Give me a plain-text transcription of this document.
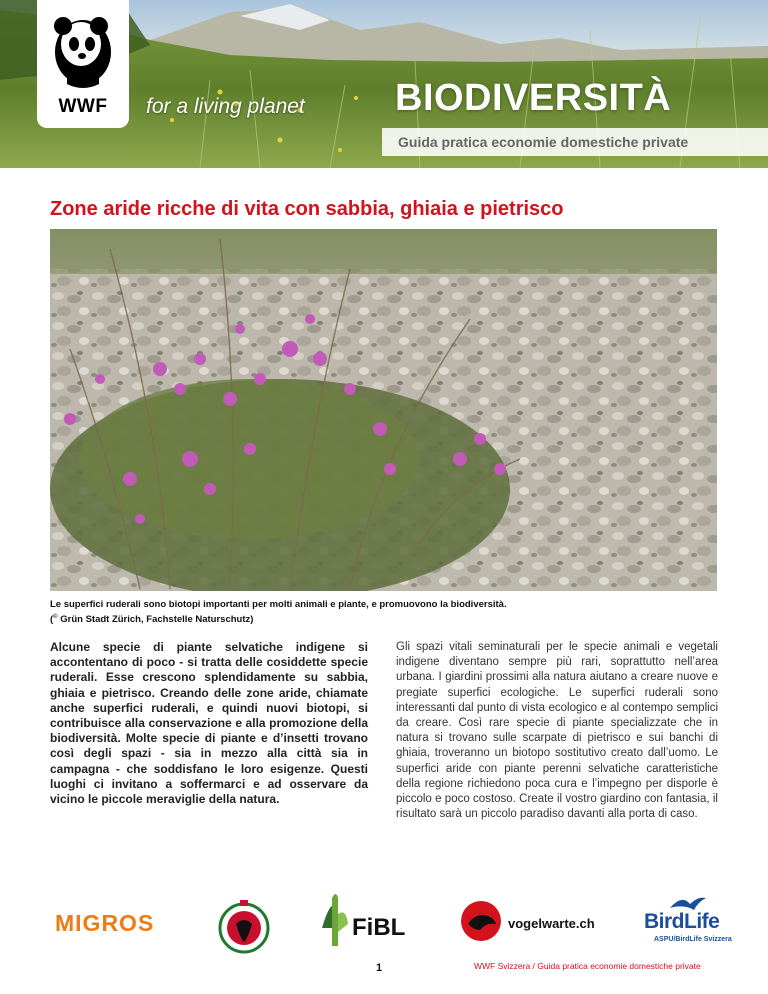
WWF	for a living planet BIODIVERSITÀ
Guida pratica economie domestiche private
Zone aride ricche di vita con sabbia, ghiaia e pietrisco
Le superfici ruderali sono biotopi importanti per molti animali e piante, e promuovono la biodiversità.
(© Grün Stadt Zürich, Fachstelle Naturschutz)
Alcune specie di piante selvatiche indigene si accontentano di poco - si tratta delle cosiddette specie ruderali. Esse crescono splendidamente su sabbia, ghiaia e pietrisco. Creando delle zone aride, chiamate anche superfici ruderali, e quindi nuovi biotopi, si contribuisce alla conservazione e alla promozione della biodiversità. Molte specie di piante e d’insetti trovano così degli spazi - sia in mezzo alla città sia in campagna - che soddisfano le loro esigenze. Questi luoghi ci invitano a soffermarci e ad osservare da vicino le piccole meraviglie della natura.
Gli spazi vitali seminaturali per le specie animali e vegetali indigene diventano sempre più rari, soprattutto nell’area urbana. I giardini prossimi alla natura aiutano a creare nuove e pregiate superfici ecologiche. Le superfici ruderali sono interessanti dal punto di vista ecologico e al contempo semplici da creare. Così rare specie di piante specializzate che in natura si trovano sulle scarpate di pietrisco e sui banchi di ghiaia, troveranno un biotopo sostitutivo creato dall’uomo. Le superfici aride con piante perenni selvatiche caratteristiche della regione richiedono poca cura e l’impegno per disporle è piccolo e poco costoso. Create il vostro giardino con fantasia, il risultato sarà un piccolo paradiso davanti alla porta di caso.
MIGROS	FiBL	vogelwarte.ch BirdLife
ASPU/BirdLife Svizzera
1	WWF Svizzera / Guida pratica economie domestiche private
